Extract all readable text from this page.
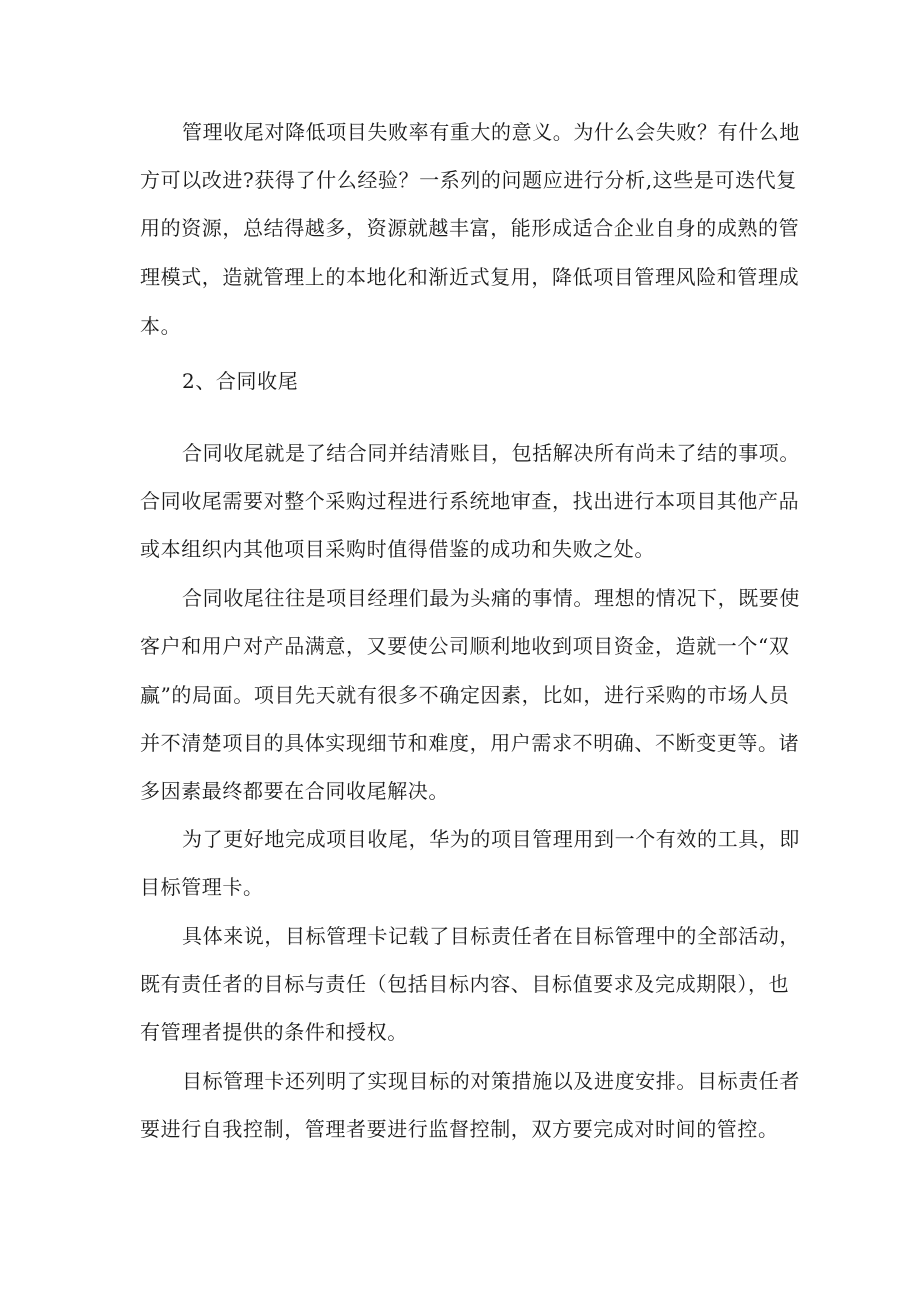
管理收尾对降低项目失败率有重大的意义。为什么会失败？有什么地
方可以改进?获得了什么经验？一系列的问题应进行分析,这些是可迭代复
用的资源，总结得越多，资源就越丰富，能形成适合企业自身的成熟的管
理模式，造就管理上的本地化和渐近式复用，降低项目管理风险和管理成
本。
2、合同收尾
合同收尾就是了结合同并结清账目，包括解决所有尚未了结的事项。
合同收尾需要对整个采购过程进行系统地审查，找出进行本项目其他产品
或本组织内其他项目采购时值得借鉴的成功和失败之处。
合同收尾往往是项目经理们最为头痛的事情。理想的情况下，既要使
客户和用户对产品满意，又要使公司顺利地收到项目资金，造就一个“双
赢”的局面。项目先天就有很多不确定因素，比如，进行采购的市场人员
并不清楚项目的具体实现细节和难度，用户需求不明确、不断变更等。诸
多因素最终都要在合同收尾解决。
为了更好地完成项目收尾，华为的项目管理用到一个有效的工具，即
目标管理卡。
具体来说，目标管理卡记载了目标责任者在目标管理中的全部活动，
既有责任者的目标与责任（包括目标内容、目标值要求及完成期限），也
有管理者提供的条件和授权。
目标管理卡还列明了实现目标的对策措施以及进度安排。目标责任者
要进行自我控制，管理者要进行监督控制，双方要完成对时间的管控。
